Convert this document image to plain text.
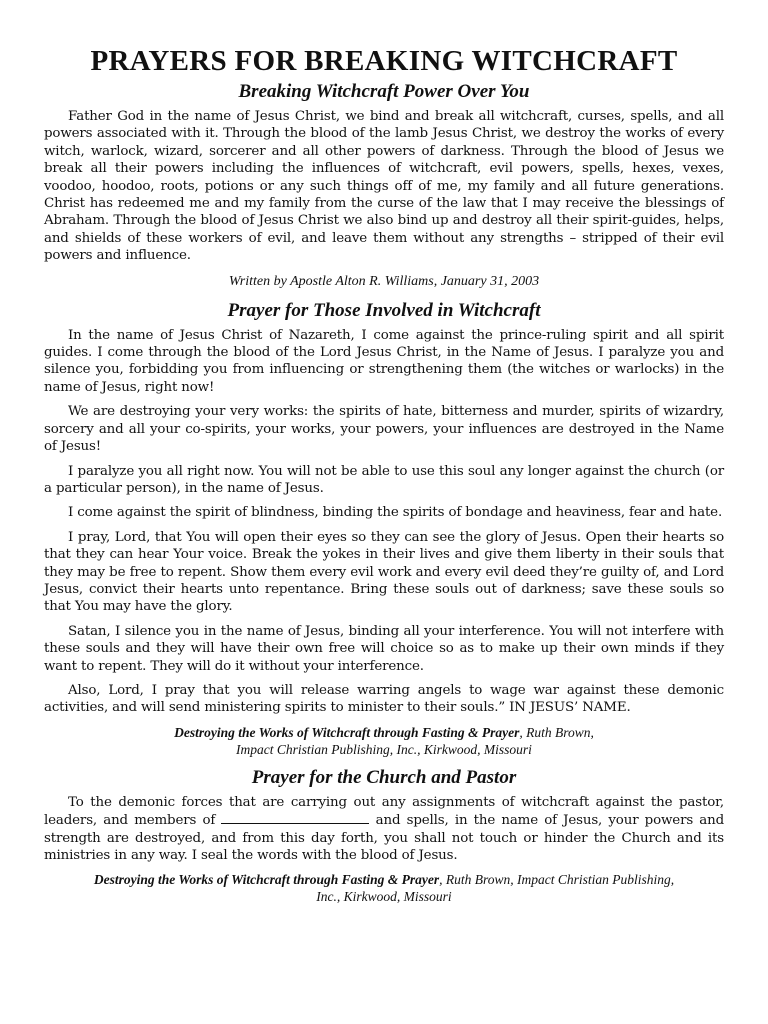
PRAYERS FOR BREAKING WITCHCRAFT
Breaking Witchcraft Power Over You

Father God in the name of Jesus Christ, we bind and break all witchcraft, curses, spells, and all powers associated with it. Through the blood of the lamb Jesus Christ, we destroy the works of every witch, warlock, wizard, sorcerer and all other powers of darkness. Through the blood of Jesus we break all their powers including the influences of witchcraft, evil powers, spells, hexes, vexes, voodoo, hoodoo, roots, potions or any such things off of me, my family and all future generations. Christ has redeemed me and my family from the curse of the law that I may receive the blessings of Abraham. Through the blood of Jesus Christ we also bind up and destroy all their spirit-guides, helps, and shields of these workers of evil, and leave them without any strengths – stripped of their evil powers and influence.

Written by Apostle Alton R. Williams, January 31, 2003
Prayer for Those Involved in Witchcraft

In the name of Jesus Christ of Nazareth, I come against the prince-ruling spirit and all spirit guides. I come through the blood of the Lord Jesus Christ, in the Name of Jesus. I paralyze you and silence you, forbidding you from influencing or strengthening them (the witches or warlocks) in the name of Jesus, right now!

We are destroying your very works: the spirits of hate, bitterness and murder, spirits of wizardry, sorcery and all your co-spirits, your works, your powers, your influences are destroyed in the Name of Jesus!

I paralyze you all right now. You will not be able to use this soul any longer against the church (or a particular person), in the name of Jesus.

I come against the spirit of blindness, binding the spirits of bondage and heaviness, fear and hate.

I pray, Lord, that You will open their eyes so they can see the glory of Jesus. Open their hearts so that they can hear Your voice. Break the yokes in their lives and give them liberty in their souls that they may be free to repent. Show them every evil work and every evil deed they’re guilty of, and Lord Jesus, convict their hearts unto repentance. Bring these souls out of darkness; save these souls so that You may have the glory.

Satan, I silence you in the name of Jesus, binding all your interference. You will not interfere with these souls and they will have their own free will choice so as to make up their own minds if they want to repent. They will do it without your interference.

Also, Lord, I pray that you will release warring angels to wage war against these demonic activities, and will send ministering spirits to minister to their souls.” IN JESUS’ NAME.

Destroying the Works of Witchcraft through Fasting & Prayer, Ruth Brown,
Impact Christian Publishing, Inc., Kirkwood, Missouri
Prayer for the Church and Pastor

To the demonic forces that are carrying out any assignments of witchcraft against the pastor, leaders, and members of	and spells, in the name of Jesus, your powers and strength are destroyed, and from this day forth, you shall not touch or hinder the Church and its ministries in any way. I seal the words with the blood of Jesus.

Destroying the Works of Witchcraft through Fasting & Prayer, Ruth Brown, Impact Christian Publishing,
Inc., Kirkwood, Missouri
